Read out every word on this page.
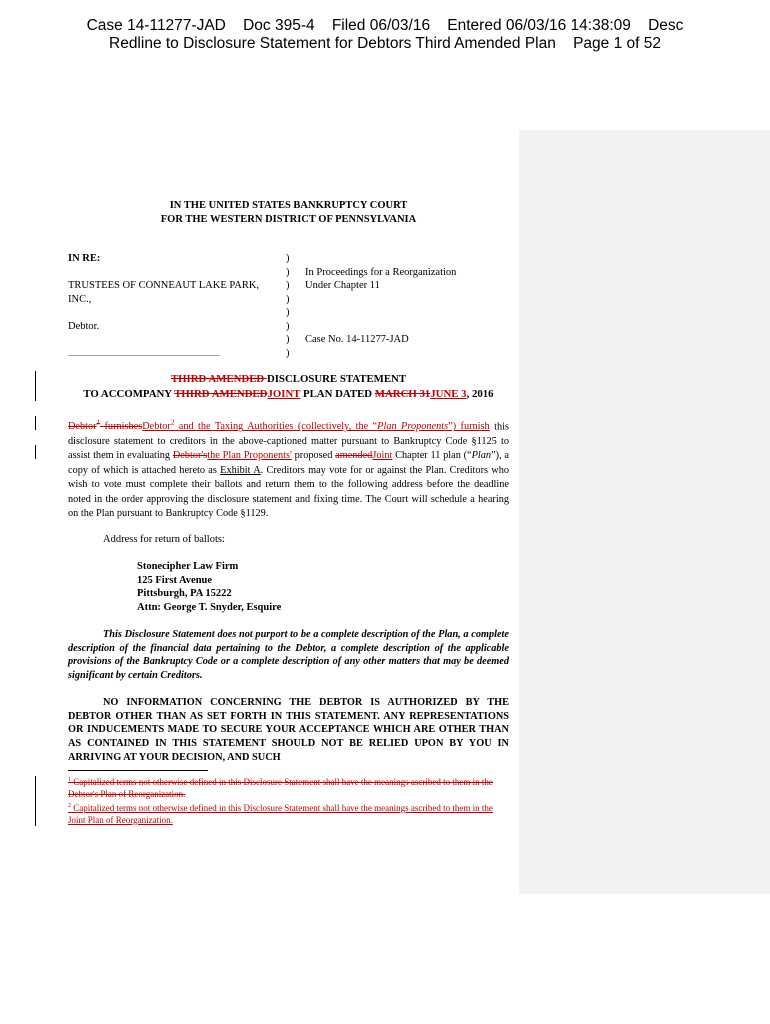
Case 14-11277-JAD    Doc 395-4    Filed 06/03/16    Entered 06/03/16 14:38:09    Desc
Redline to Disclosure Statement for Debtors Third Amended Plan    Page 1 of 52
IN THE UNITED STATES BANKRUPTCY COURT
FOR THE WESTERN DISTRICT OF PENNSYLVANIA
IN RE:
TRUSTEES OF CONNEAUT LAKE PARK,
INC.,
Debtor.
............................................................................
)
)
)
)
)
)
)
)
In Proceedings for a Reorganization
Under Chapter 11
Case No. 14-11277-JAD
THIRD AMENDED DISCLOSURE STATEMENT
TO ACCOMPANY THIRD AMENDEDJOINT PLAN DATED MARCH 31JUNE 3, 2016
Debtor$^1$ furnishesDebtor$^2$ and the Taxing Authorities (collectively, the “Plan Proponents”) furnish this disclosure statement to creditors in the above-captioned matter pursuant to Bankruptcy Code §1125 to assist them in evaluating Debtor'sthe Plan Proponents' proposed amendedJoint Chapter 11 plan (“Plan”), a copy of which is attached hereto as Exhibit A. Creditors may vote for or against the Plan. Creditors who wish to vote must complete their ballots and return them to the following address before the deadline noted in the order approving the disclosure statement and fixing time. The Court will schedule a hearing on the Plan pursuant to Bankruptcy Code §1129.
Address for return of ballots:
Stonecipher Law Firm
125 First Avenue
Pittsburgh, PA 15222
Attn: George T. Snyder, Esquire
This Disclosure Statement does not purport to be a complete description of the Plan, a complete description of the financial data pertaining to the Debtor, a complete description of the applicable provisions of the Bankruptcy Code or a complete description of any other matters that may be deemed significant by certain Creditors.
NO INFORMATION CONCERNING THE DEBTOR IS AUTHORIZED BY THE DEBTOR OTHER THAN AS SET FORTH IN THIS STATEMENT. ANY REPRESENTATIONS OR INDUCEMENTS MADE TO SECURE YOUR ACCEPTANCE WHICH ARE OTHER THAN AS CONTAINED IN THIS STATEMENT SHOULD NOT BE RELIED UPON BY YOU IN ARRIVING AT YOUR DECISION, AND SUCH
$^1$ Capitalized terms not otherwise defined in this Disclosure Statement shall have the meanings ascribed to them in the Debtor's Plan of Reorganization.
$^2$ Capitalized terms not otherwise defined in this Disclosure Statement shall have the meanings ascribed to them in the Joint Plan of Reorganization.
